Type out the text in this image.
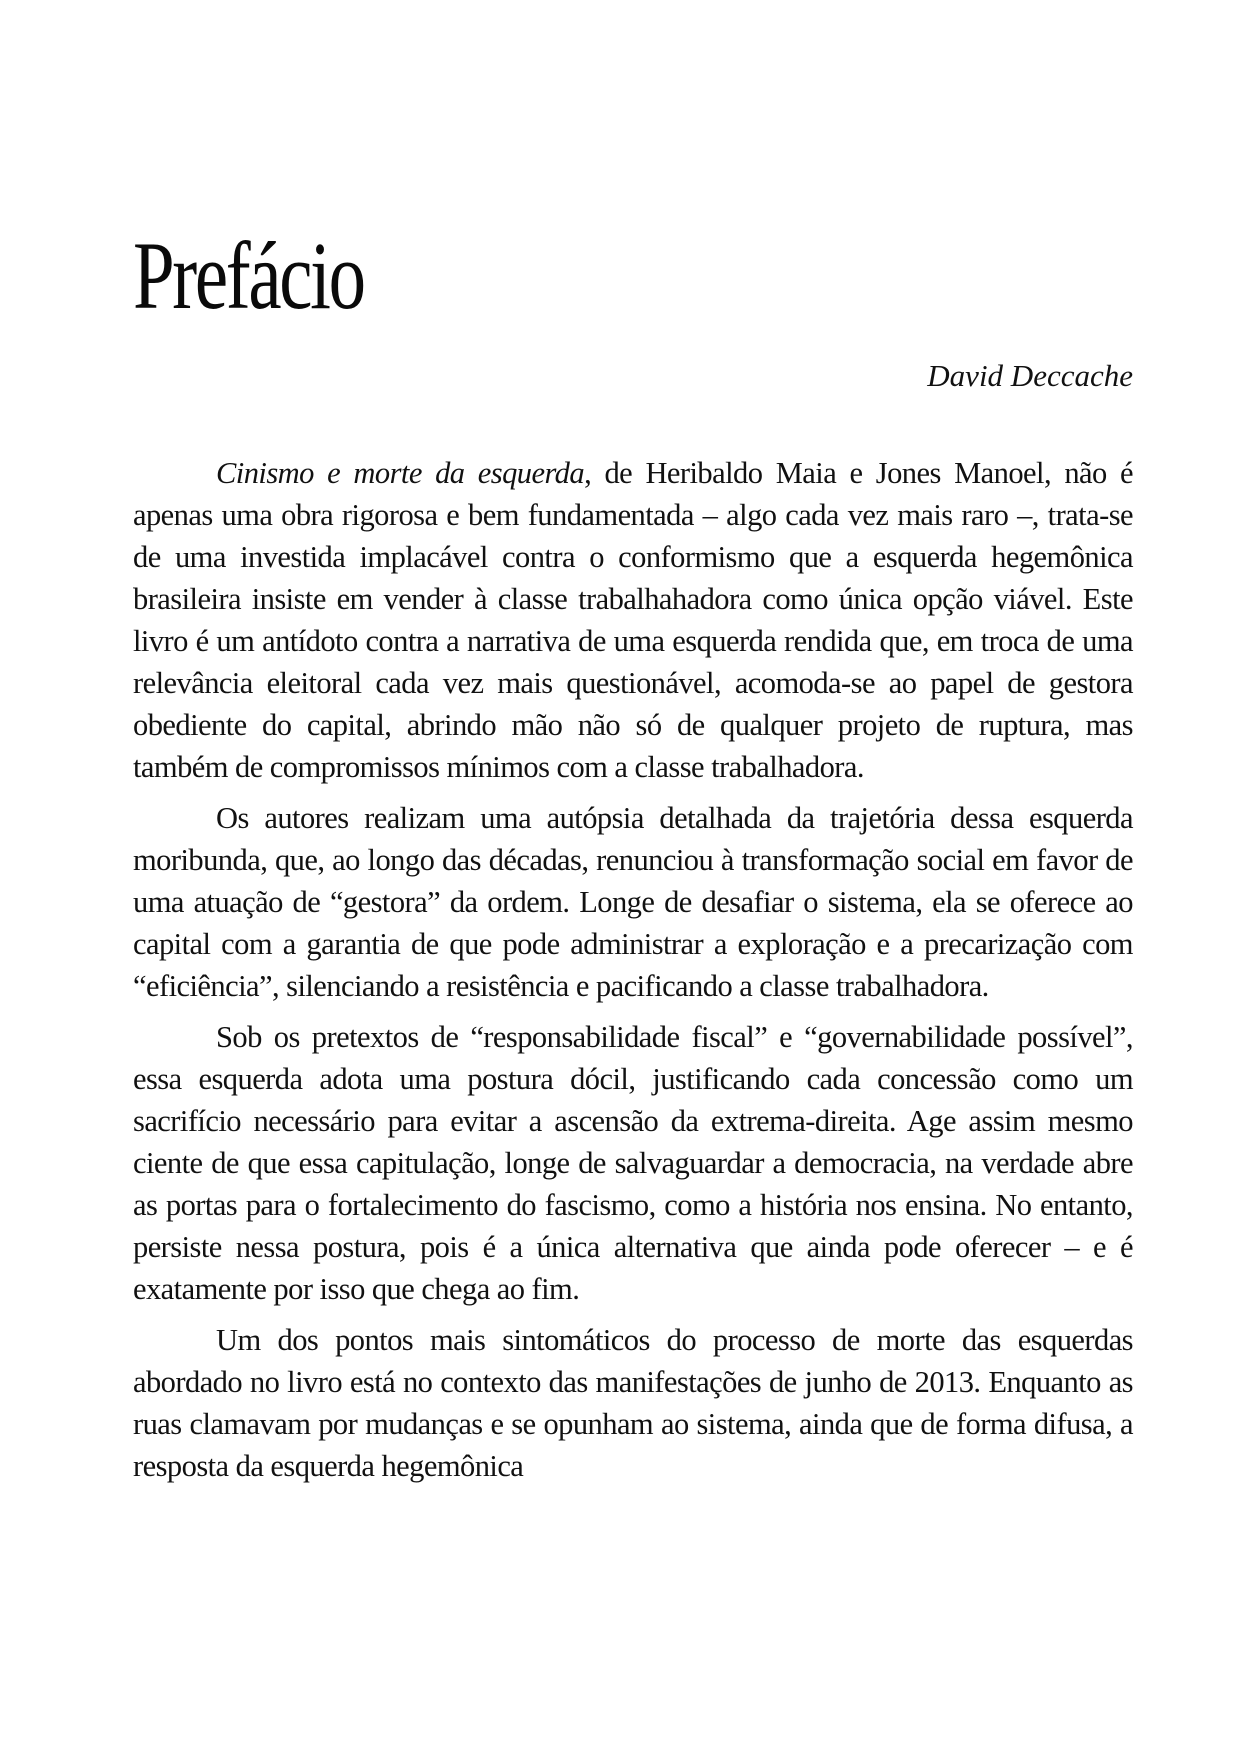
Prefácio

David Deccache

Cinismo e morte da esquerda, de Heribaldo Maia e Jones Manoel, não é apenas uma obra rigorosa e bem fundamentada – algo cada vez mais raro –, trata-se de uma investida implacável contra o conformismo que a esquerda hegemônica brasileira insiste em vender à classe trabalhahadora como única opção viável. Este livro é um antídoto contra a narrativa de uma esquerda rendida que, em troca de uma relevância eleitoral cada vez mais questionável, acomoda-se ao papel de gestora obediente do capital, abrindo mão não só de qualquer projeto de ruptura, mas também de compromissos mínimos com a classe trabalhadora.

Os autores realizam uma autópsia detalhada da trajetória dessa esquerda moribunda, que, ao longo das décadas, renunciou à transformação social em favor de uma atuação de “gestora” da ordem. Longe de desafiar o sistema, ela se oferece ao capital com a garantia de que pode administrar a exploração e a precarização com “eficiência”, silenciando a resistência e pacificando a classe trabalhadora.

Sob os pretextos de “responsabilidade fiscal” e “governabilidade possível”, essa esquerda adota uma postura dócil, justificando cada concessão como um sacrifício necessário para evitar a ascensão da extrema-direita. Age assim mesmo ciente de que essa capitulação, longe de salvaguardar a democracia, na verdade abre as portas para o fortalecimento do fascismo, como a história nos ensina. No entanto, persiste nessa postura, pois é a única alternativa que ainda pode oferecer – e é exatamente por isso que chega ao fim.

Um dos pontos mais sintomáticos do processo de morte das esquerdas abordado no livro está no contexto das manifestações de junho de 2013. Enquanto as ruas clamavam por mudanças e se opunham ao sistema, ainda que de forma difusa, a resposta da esquerda hegemônica
